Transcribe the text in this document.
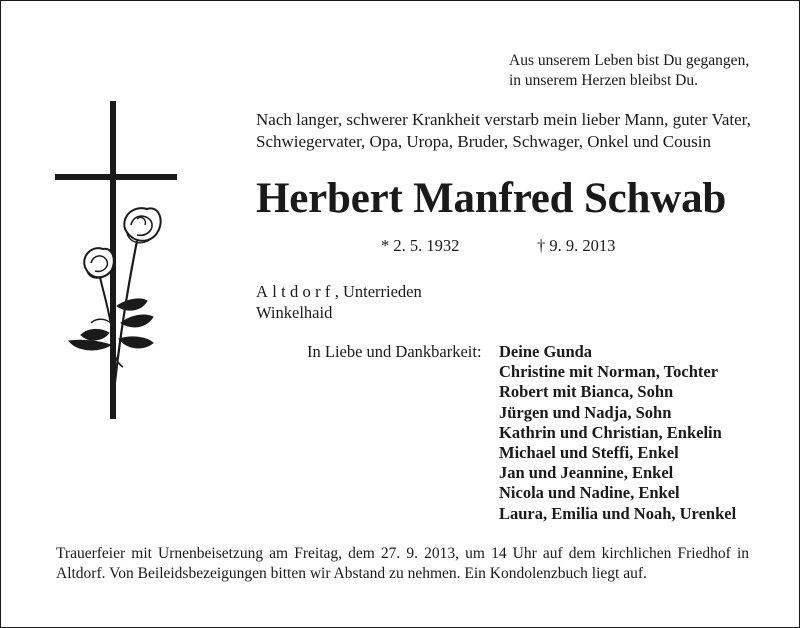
Aus unserem Leben bist Du gegangen,
in unserem Herzen bleibst Du.
Nach langer, schwerer Krankheit verstarb mein lieber Mann, guter Vater,
Schwiegervater, Opa, Uropa, Bruder, Schwager, Onkel und Cousin
Herbert Manfred Schwab
* 2. 5. 1932	† 9. 9. 2013
Altdorf, Unterrieden
Winkelhaid
In Liebe und Dankbarkeit: Deine Gunda
Christine mit Norman, Tochter
Robert mit Bianca, Sohn
Jürgen und Nadja, Sohn
Kathrin und Christian, Enkelin
Michael und Steffi, Enkel
Jan und Jeannine, Enkel
Nicola und Nadine, Enkel
Laura, Emilia und Noah, Urenkel
Trauerfeier mit Urnenbeisetzung am Freitag, dem 27. 9. 2013, um 14 Uhr auf dem kirchlichen Friedhof in
Altdorf. Von Beileidsbezeigungen bitten wir Abstand zu nehmen. Ein Kondolenzbuch liegt auf.
